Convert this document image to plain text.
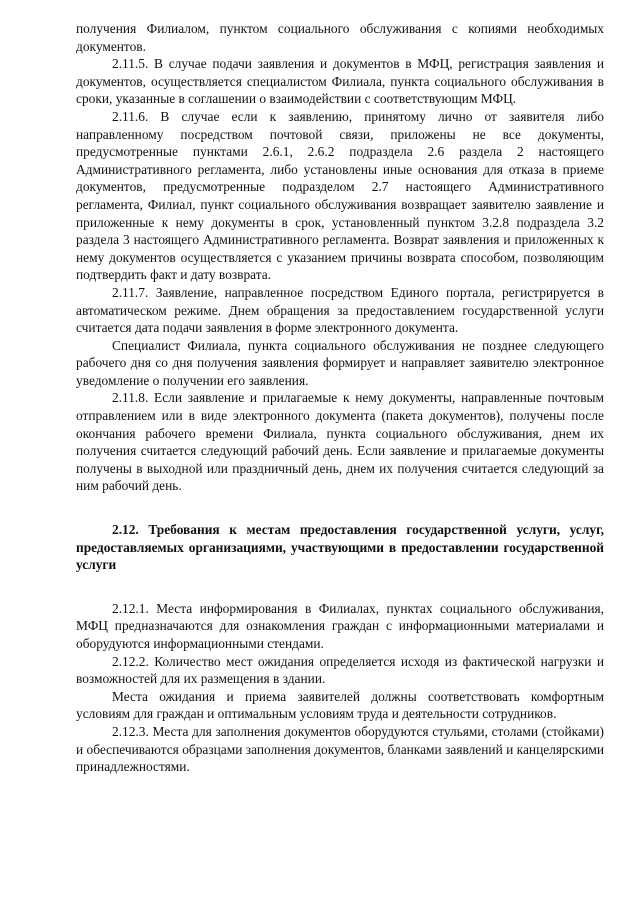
получения Филиалом, пунктом социального обслуживания с копиями необходимых документов.

2.11.5. В случае подачи заявления и документов в МФЦ, регистрация заявления и документов, осуществляется специалистом Филиала, пункта социального обслуживания в сроки, указанные в соглашении о взаимодействии с соответствующим МФЦ.

2.11.6. В случае если к заявлению, принятому лично от заявителя либо направленному посредством почтовой связи, приложены не все документы, предусмотренные пунктами 2.6.1, 2.6.2 подраздела 2.6 раздела 2 настоящего Административного регламента, либо установлены иные основания для отказа в приеме документов, предусмотренные подразделом 2.7 настоящего Административного регламента, Филиал, пункт социального обслуживания возвращает заявителю заявление и приложенные к нему документы в срок, установленный пунктом 3.2.8 подраздела 3.2 раздела 3 настоящего Административного регламента. Возврат заявления и приложенных к нему документов осуществляется с указанием причины возврата способом, позволяющим подтвердить факт и дату возврата.

2.11.7. Заявление, направленное посредством Единого портала, регистрируется в автоматическом режиме. Днем обращения за предоставлением государственной услуги считается дата подачи заявления в форме электронного документа.

Специалист Филиала, пункта социального обслуживания не позднее следующего рабочего дня со дня получения заявления формирует и направляет заявителю электронное уведомление о получении его заявления.

2.11.8. Если заявление и прилагаемые к нему документы, направленные почтовым отправлением или в виде электронного документа (пакета документов), получены после окончания рабочего времени Филиала, пункта социального обслуживания, днем их получения считается следующий рабочий день. Если заявление и прилагаемые документы получены в выходной или праздничный день, днем их получения считается следующий за ним рабочий день.

2.12. Требования к местам предоставления государственной услуги, услуг, предоставляемых организациями, участвующими в предоставлении государственной услуги

2.12.1. Места информирования в Филиалах, пунктах социального обслуживания, МФЦ предназначаются для ознакомления граждан с информационными материалами и оборудуются информационными стендами.

2.12.2. Количество мест ожидания определяется исходя из фактической нагрузки и возможностей для их размещения в здании.

Места ожидания и приема заявителей должны соответствовать комфортным условиям для граждан и оптимальным условиям труда и деятельности сотрудников.

2.12.3. Места для заполнения документов оборудуются стульями, столами (стойками) и обеспечиваются образцами заполнения документов, бланками заявлений и канцелярскими принадлежностями.
